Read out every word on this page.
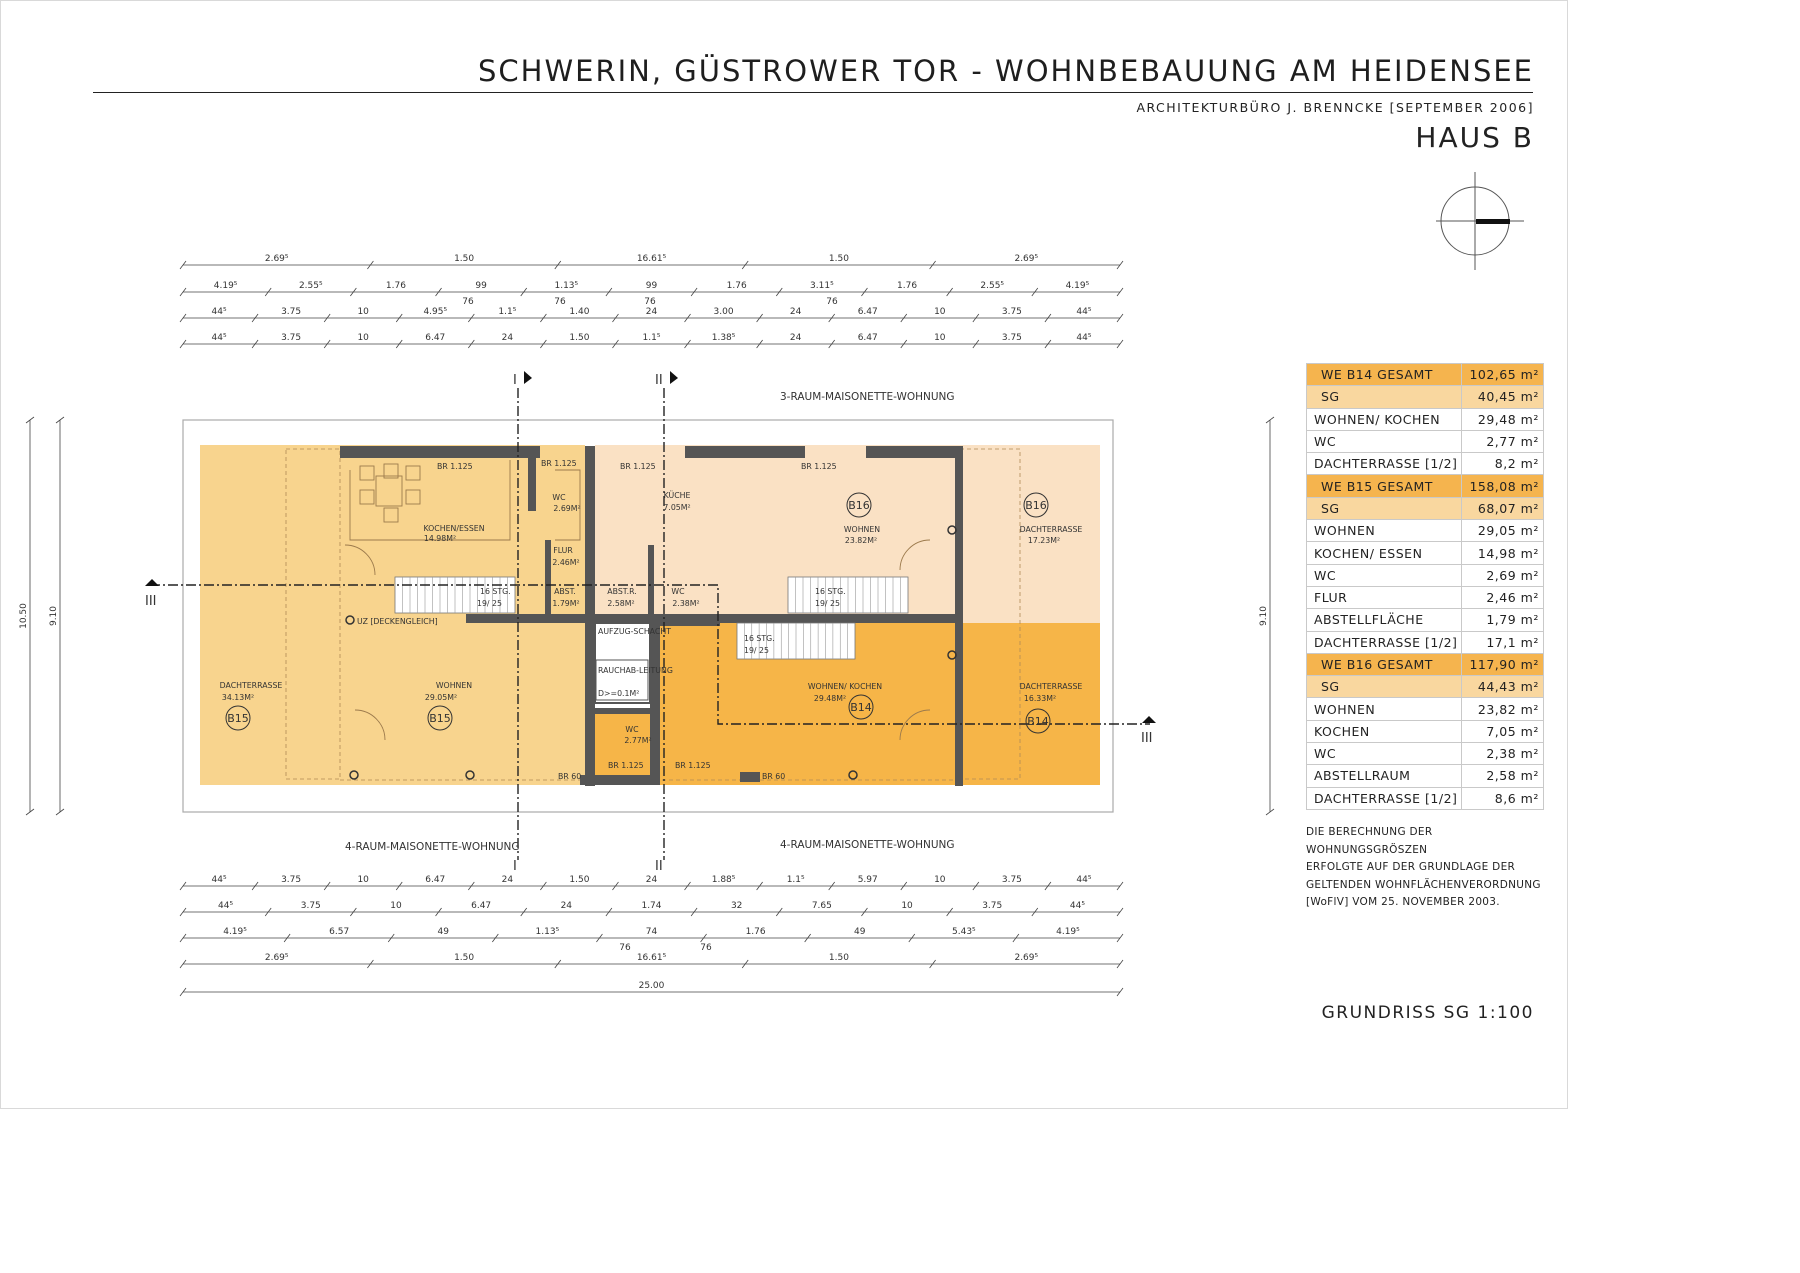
SCHWERIN, GÜSTROWER TOR - WOHNBEBAUUNG AM HEIDENSEE
ARCHITEKTURBÜRO J. BRENNCKE [SEPTEMBER 2006]
HAUS B
I	II
I	II
III
III
3-RAUM-MAISONETTE-WOHNUNG
4-RAUM-MAISONETTE-WOHNUNG	4-RAUM-MAISONETTE-WOHNUNG
KOCHEN/ESSEN
14.98M²
WC
2.69M²
FLUR
2.46M²
KÜCHE
7.05M²
WOHNEN
23.82M²
DACHTERRASSE
17.23M²
ABST.
1.79M²
ABST.R.
2.58M²
WC
2.38M²
DACHTERRASSE
34.13M²
WOHNEN
29.05M²
WOHNEN/ KOCHEN
29.48M²
DACHTERRASSE
16.33M²
WC
2.77M²
AUFZUG-SCHACHT
RAUCHAB-LEITUNG
D>=0.1M²
UZ [DECKENGLEICH]
16 STG.
19/ 25
16 STG.
19/ 25
16 STG.
19/ 25
BR 1.125	BR 1.125	BR 1.125	BR 1.125
BR 1.125	BR 1.125
BR 60	BR 60
B16	B16
B15	B15
B14
B14
2.69⁵	1.50	16.61⁵	1.50	2.69⁵
4.19⁵	2.55⁵	1.76	99	1.13⁵	99	1.76	3.11⁵	1.76	2.55⁵	4.19⁵
44⁵	3.75	10	4.95⁵	1.1⁵	1.40	24	3.00	24	6.47	10	3.75	44⁵
44⁵	3.75	10	6.47	24	1.50	1.1⁵	1.38⁵	24	6.47	10	3.75	44⁵
44⁵	3.75	10	6.47	24	1.50	24	1.88⁵	1.1⁵	5.97	10	3.75	44⁵
44⁵	3.75	10	6.47	24	1.74	32	7.65	10	3.75	44⁵
4.19⁵	6.57	49	1.13⁵	74	1.76	49	5.43⁵	4.19⁵
2.69⁵	1.50	16.61⁵	1.50	2.69⁵
25.00
10.50 9.10	9.10
76	76	76	76
76	76
WE B14 GESAMT	102,65 m²
SG	40,45 m²
WOHNEN/ KOCHEN	29,48 m²
WC	2,77 m²
DACHTERRASSE [1/2]	8,2 m²
WE B15 GESAMT	158,08 m²
SG	68,07 m²
WOHNEN	29,05 m²
KOCHEN/ ESSEN	14,98 m²
WC	2,69 m²
FLUR	2,46 m²
ABSTELLFLÄCHE	1,79 m²
DACHTERRASSE [1/2]	17,1 m²
WE B16 GESAMT	117,90 m²
SG	44,43 m²
WOHNEN	23,82 m²
KOCHEN	7,05 m²
WC	2,38 m²
ABSTELLRAUM	2,58 m²
DACHTERRASSE [1/2]	8,6 m²
DIE BERECHNUNG DER WOHNUNGSGRÖSZEN
ERFOLGTE AUF DER GRUNDLAGE DER
GELTENDEN WOHNFLÄCHENVERORDNUNG
[WoFlV] VOM 25. NOVEMBER 2003.
GRUNDRISS SG 1:100
